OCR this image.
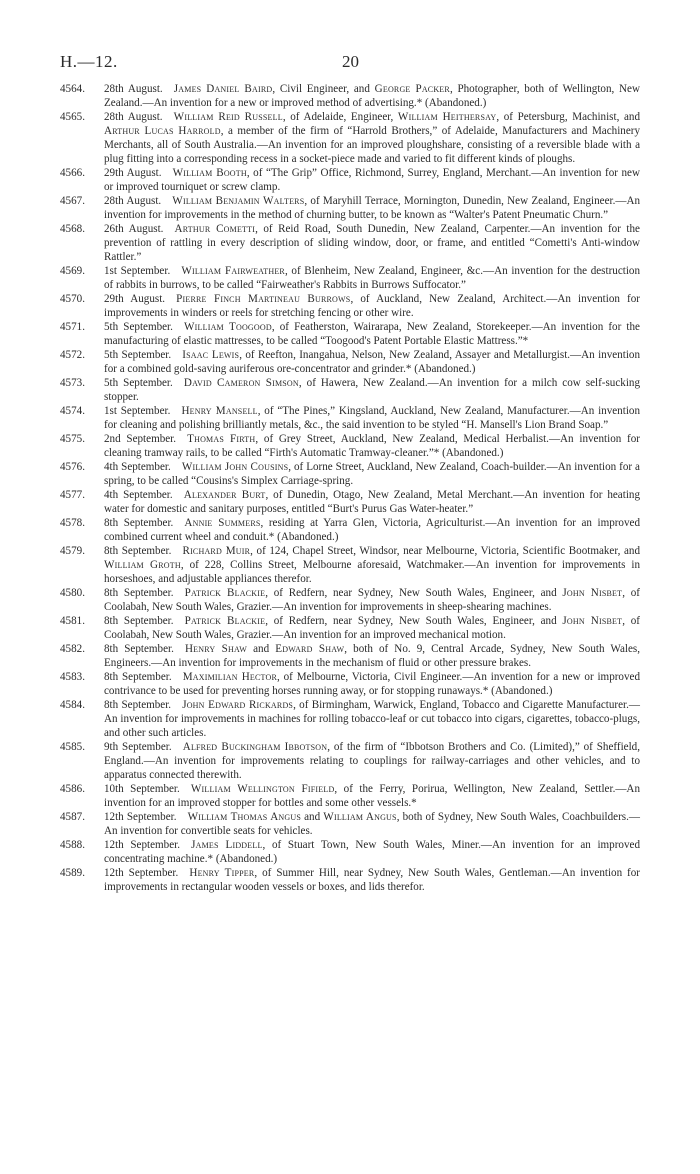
H.—12.	20
4564.	28th August.  James Daniel Baird, Civil Engineer, and George Packer, Photographer, both of Wellington, New Zealand.—An invention for a new or improved method of advertising.* (Abandoned.)
4565.	28th August.  William Reid Russell, of Adelaide, Engineer, William Heithersay, of Petersburg, Machinist, and Arthur Lucas Harrold, a member of the firm of “Harrold Brothers,” of Adelaide, Manufacturers and Machinery Merchants, all of South Australia.—An invention for an improved ploughshare, consisting of a reversible blade with a plug fitting into a corresponding recess in a socket-piece made and varied to fit different kinds of ploughs.
4566.	29th August.  William Booth, of “The Grip” Office, Richmond, Surrey, England, Merchant.—An invention for new or improved tourniquet or screw clamp.
4567.	28th August.  William Benjamin Walters, of Maryhill Terrace, Mornington, Dunedin, New Zealand, Engineer.—An invention for improvements in the method of churning butter, to be known as “Walter's Patent Pneumatic Churn.”
4568.	26th August.  Arthur Cometti, of Reid Road, South Dunedin, New Zealand, Carpenter.—An invention for the prevention of rattling in every description of sliding window, door, or frame, and entitled “Cometti's Anti-window Rattler.”
4569.	1st September.  William Fairweather, of Blenheim, New Zealand, Engineer, &c.—An invention for the destruction of rabbits in burrows, to be called “Fairweather's Rabbits in Burrows Suffocator.”
4570.	29th August.  Pierre Finch Martineau Burrows, of Auckland, New Zealand, Architect.—An invention for improvements in winders or reels for stretching fencing or other wire.
4571.	5th September.  William Toogood, of Featherston, Wairarapa, New Zealand, Storekeeper.—An invention for the manufacturing of elastic mattresses, to be called “Toogood's Patent Portable Elastic Mattress.”*
4572.	5th September.  Isaac Lewis, of Reefton, Inangahua, Nelson, New Zealand, Assayer and Metallurgist.—An invention for a combined gold-saving auriferous ore-concentrator and grinder.* (Abandoned.)
4573.	5th September.  David Cameron Simson, of Hawera, New Zealand.—An invention for a milch cow self-sucking stopper.
4574.	1st September.  Henry Mansell, of “The Pines,” Kingsland, Auckland, New Zealand, Manufacturer.—An invention for cleaning and polishing brilliantly metals, &c., the said invention to be styled “H. Mansell's Lion Brand Soap.”
4575.	2nd September.  Thomas Firth, of Grey Street, Auckland, New Zealand, Medical Herbalist.—An invention for cleaning tramway rails, to be called “Firth's Automatic Tramway-cleaner.”* (Abandoned.)
4576.	4th September.  William John Cousins, of Lorne Street, Auckland, New Zealand, Coach-builder.—An invention for a spring, to be called “Cousins's Simplex Carriage-spring.
4577.	4th September.  Alexander Burt, of Dunedin, Otago, New Zealand, Metal Merchant.—An invention for heating water for domestic and sanitary purposes, entitled “Burt's Purus Gas Water-heater.”
4578.	8th September.  Annie Summers, residing at Yarra Glen, Victoria, Agriculturist.—An invention for an improved combined current wheel and conduit.* (Abandoned.)
4579.	8th September.  Richard Muir, of 124, Chapel Street, Windsor, near Melbourne, Victoria, Scientific Bootmaker, and William Groth, of 228, Collins Street, Melbourne aforesaid, Watchmaker.—An invention for improvements in horseshoes, and adjustable appliances therefor.
4580.	8th September.  Patrick Blackie, of Redfern, near Sydney, New South Wales, Engineer, and John Nisbet, of Coolabah, New South Wales, Grazier.—An invention for improvements in sheep-shearing machines.
4581.	8th September.  Patrick Blackie, of Redfern, near Sydney, New South Wales, Engineer, and John Nisbet, of Coolabah, New South Wales, Grazier.—An invention for an improved mechanical motion.
4582.	8th September.  Henry Shaw and Edward Shaw, both of No. 9, Central Arcade, Sydney, New South Wales, Engineers.—An invention for improvements in the mechanism of fluid or other pressure brakes.
4583.	8th September.  Maximilian Hector, of Melbourne, Victoria, Civil Engineer.—An invention for a new or improved contrivance to be used for preventing horses running away, or for stopping runaways.* (Abandoned.)
4584.	8th September.  John Edward Rickards, of Birmingham, Warwick, England, Tobacco and Cigarette Manufacturer.—An invention for improvements in machines for rolling tobacco-leaf or cut tobacco into cigars, cigarettes, tobacco-plugs, and other such articles.
4585.	9th September.  Alfred Buckingham Ibbotson, of the firm of “Ibbotson Brothers and Co. (Limited),” of Sheffield, England.—An invention for improvements relating to couplings for railway-carriages and other vehicles, and to apparatus connected therewith.
4586.	10th September.  William Wellington Fifield, of the Ferry, Porirua, Wellington, New Zealand, Settler.—An invention for an improved stopper for bottles and some other vessels.*
4587.	12th September.  William Thomas Angus and William Angus, both of Sydney, New South Wales, Coachbuilders.—An invention for convertible seats for vehicles.
4588.	12th September.  James Liddell, of Stuart Town, New South Wales, Miner.—An invention for an improved concentrating machine.* (Abandoned.)
4589.	12th September.  Henry Tipper, of Summer Hill, near Sydney, New South Wales, Gentleman.—An invention for improvements in rectangular wooden vessels or boxes, and lids therefor.
